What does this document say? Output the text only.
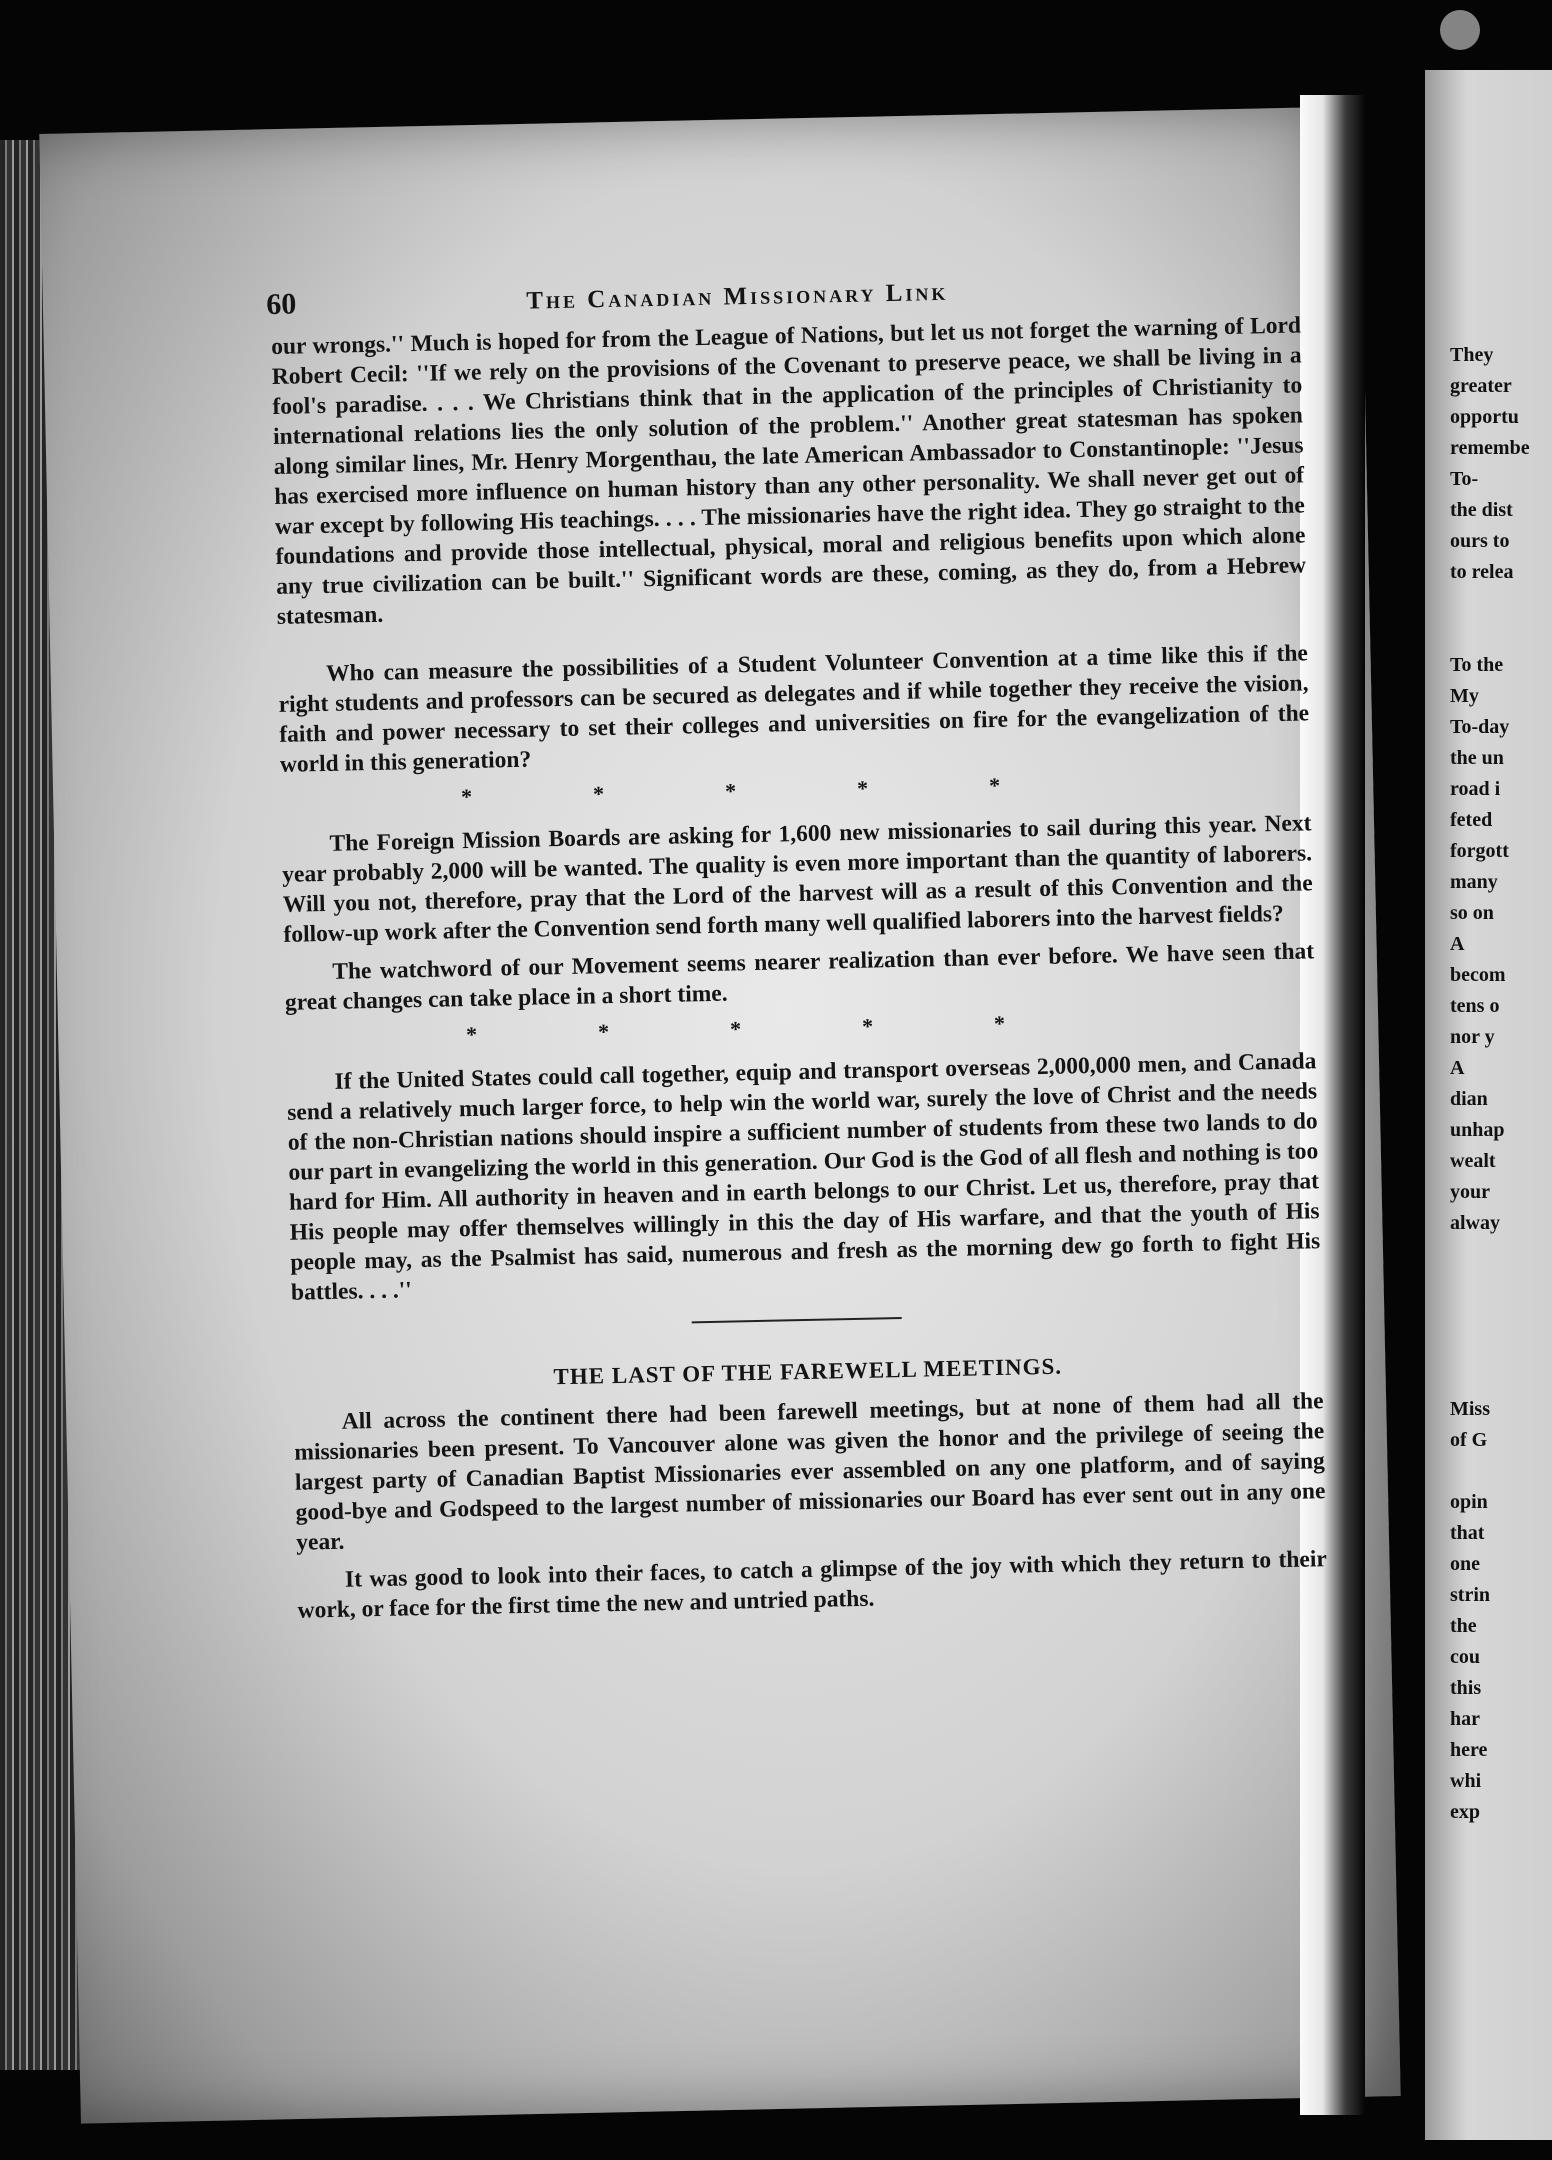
60	The Canadian Missionary Link

our wrongs.'' Much is hoped for from the League of Nations, but let us not forget the warning of Lord Robert Cecil: ''If we rely on the provisions of the Covenant to preserve peace, we shall be living in a fool's paradise. . . . We Christians think that in the application of the principles of Christianity to international relations lies the only solution of the problem.'' Another great statesman has spoken along similar lines, Mr. Henry Morgenthau, the late American Ambassador to Constantinople: ''Jesus has exercised more influence on human history than any other personality. We shall never get out of war except by following His teachings. . . . The missionaries have the right idea. They go straight to the foundations and provide those intellectual, physical, moral and religious benefits upon which alone any true civilization can be built.'' Significant words are these, coming, as they do, from a Hebrew statesman.

Who can measure the possibilities of a Student Volunteer Convention at a time like this if the right students and professors can be secured as delegates and if while together they receive the vision, faith and power necessary to set their colleges and universities on fire for the evangelization of the world in this generation?

*	*	*	*	*

The Foreign Mission Boards are asking for 1,600 new missionaries to sail during this year. Next year probably 2,000 will be wanted. The quality is even more important than the quantity of laborers. Will you not, therefore, pray that the Lord of the harvest will as a result of this Convention and the follow-up work after the Convention send forth many well qualified laborers into the harvest fields?

The watchword of our Movement seems nearer realization than ever before. We have seen that great changes can take place in a short time.

*	*	*	*	*

If the United States could call together, equip and transport overseas 2,000,000 men, and Canada send a relatively much larger force, to help win the world war, surely the love of Christ and the needs of the non-Christian nations should inspire a sufficient number of students from these two lands to do our part in evangelizing the world in this generation. Our God is the God of all flesh and nothing is too hard for Him. All authority in heaven and in earth belongs to our Christ. Let us, therefore, pray that His people may offer themselves willingly in this the day of His warfare, and that the youth of His people may, as the Psalmist has said, numerous and fresh as the morning dew go forth to fight His battles. . . .''

THE LAST OF THE FAREWELL MEETINGS.

All across the continent there had been farewell meetings, but at none of them had all the missionaries been present. To Vancouver alone was given the honor and the privilege of seeing the largest party of Canadian Baptist Missionaries ever assembled on any one platform, and of saying good-bye and Godspeed to the largest number of missionaries our Board has ever sent out in any one year.

It was good to look into their faces, to catch a glimpse of the joy with which they return to their work, or face for the first time the new and untried paths.

They
greater
opportu
remembe
To-
the dist
ours to
to relea

To the
My
To-day
the un
road i
feted
forgott
many
so on
A
becom
tens o
nor y
A
dian
unhap
wealt
your
alway

Miss
of G

opin
that
one
strin
the
cou
this
har
here
whi
exp
